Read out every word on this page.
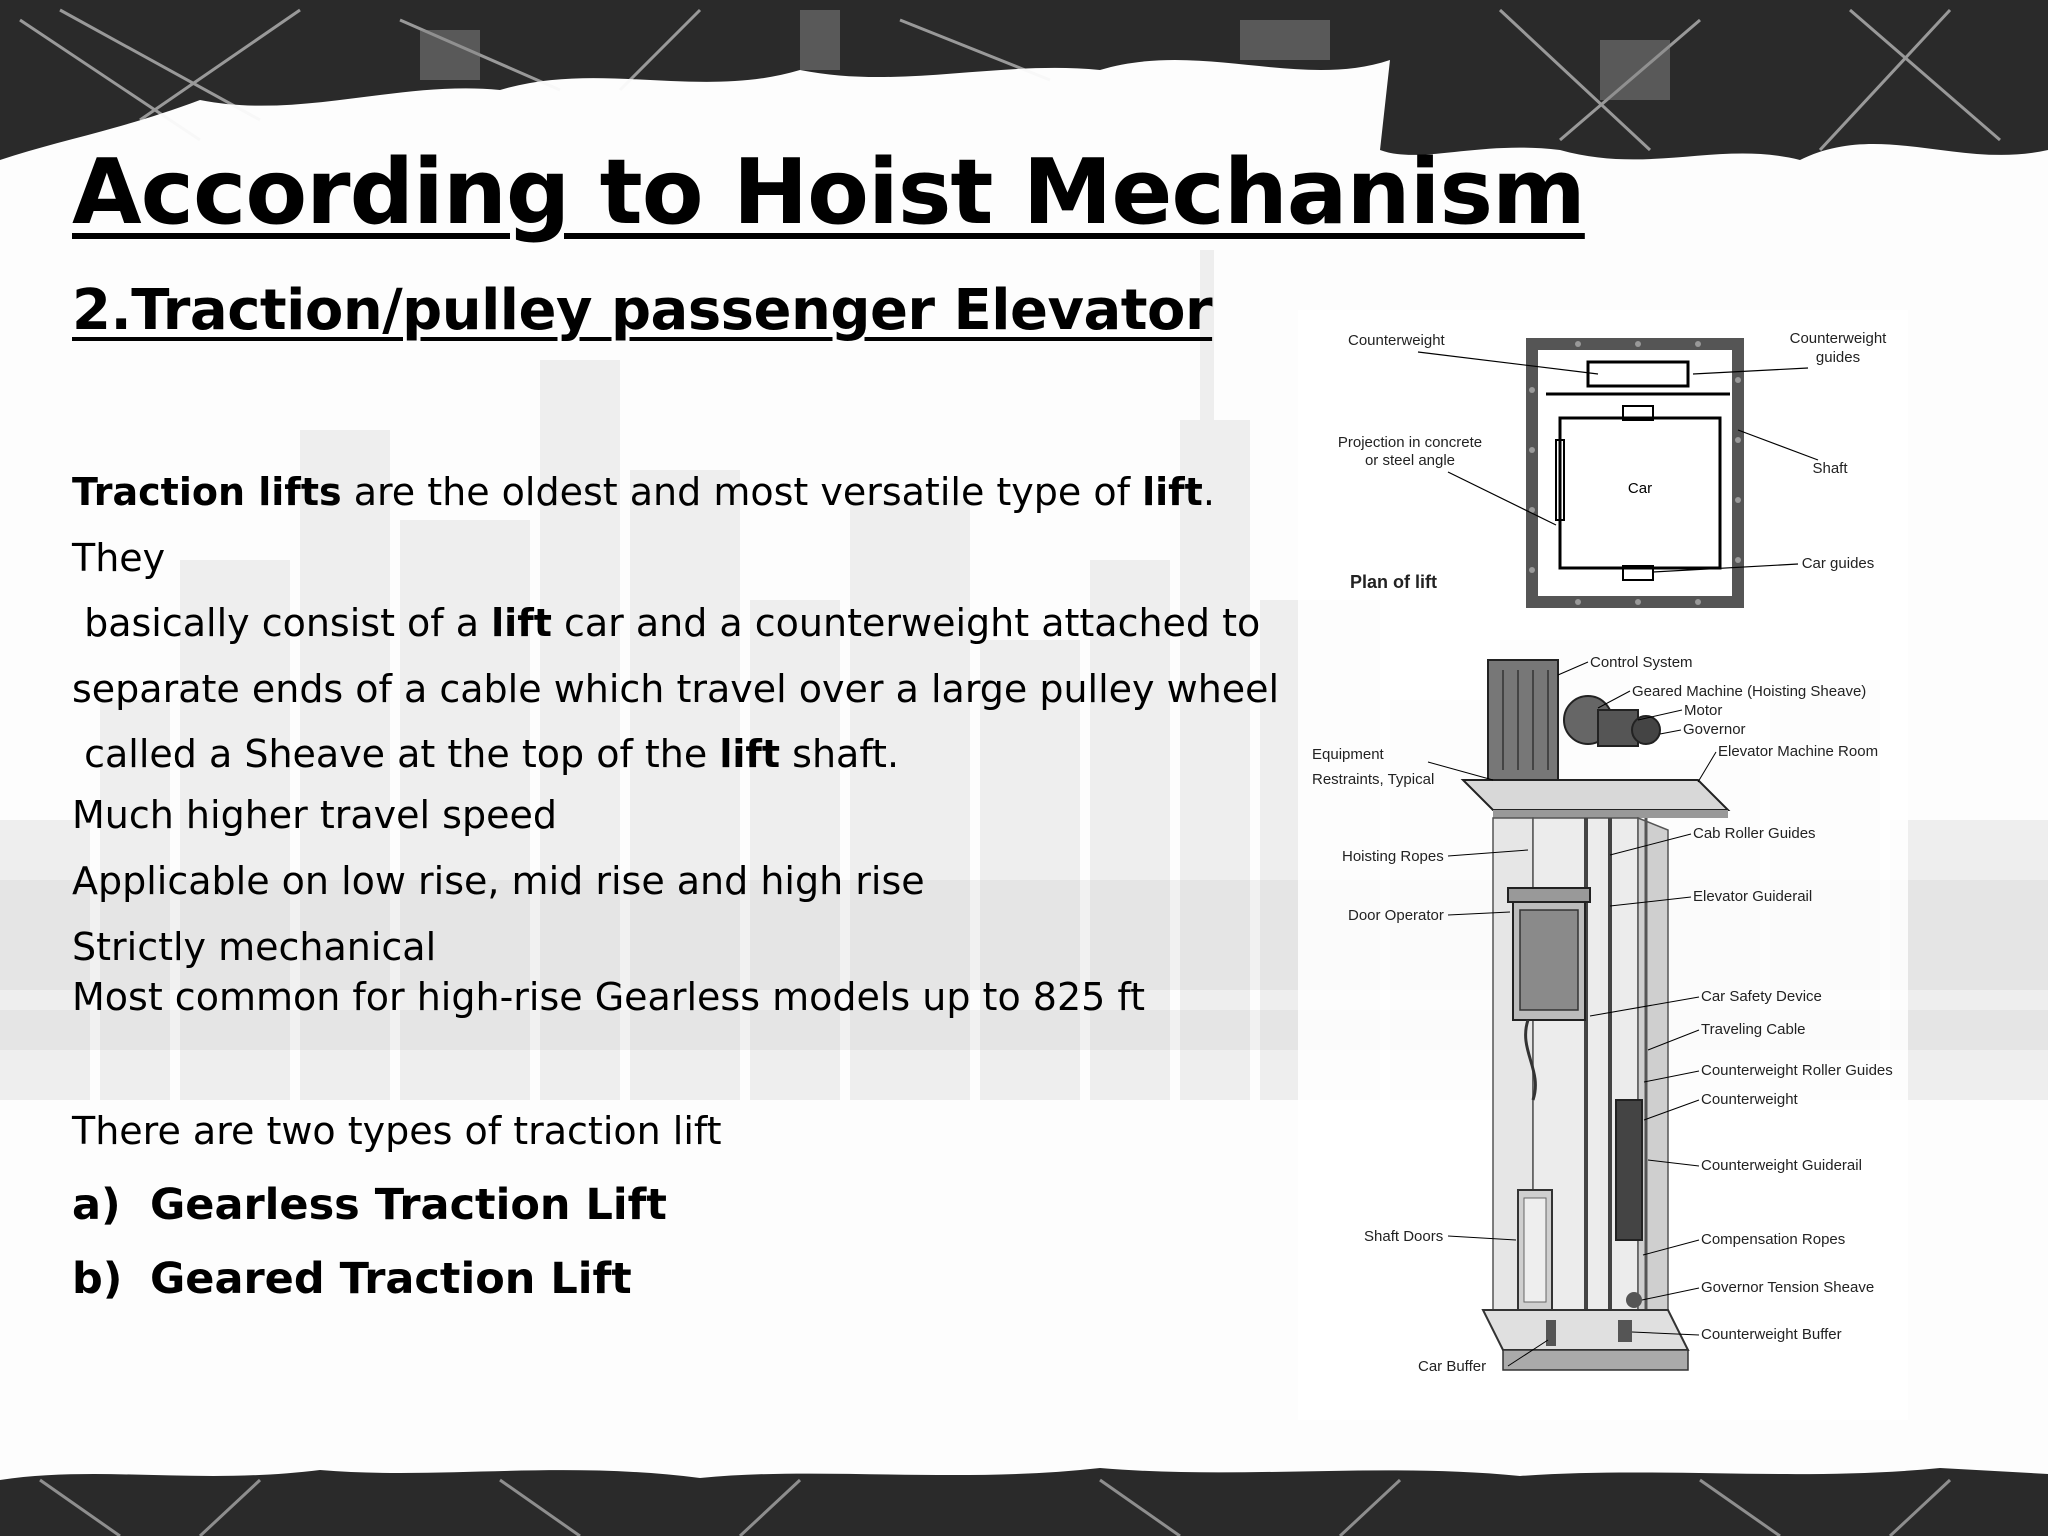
According to Hoist Mechanism
2.Traction/pulley passenger Elevator
Traction lifts are the oldest and most versatile type of lift. They
basically consist of a lift car and a counterweight attached to
separate ends of a cable which travel over a large pulley wheel
called a Sheave at the top of the lift shaft.
Much higher travel speed
Applicable on low rise, mid rise and high rise
Strictly mechanical
Most common for high-rise Gearless models up to 825 ft

There are two types of traction lift

a) Gearless Traction Lift
b) Geared Traction Lift
Car
Plan of lift
Counterweight	Counterweight
guides
Projection in concrete
or steel angle	Shaft
Car guides
Control System
Geared Machine (Hoisting Sheave)
Motor
Governor
Elevator Machine Room
Equipment
Restraints, Typical
Cab Roller Guides
Hoisting Ropes
Elevator Guiderail
Door Operator
Car Safety Device
Traveling Cable
Counterweight Roller Guides
Counterweight
Counterweight Guiderail
Shaft Doors	Compensation Ropes
Governor Tension Sheave
Counterweight Buffer
Car Buffer
